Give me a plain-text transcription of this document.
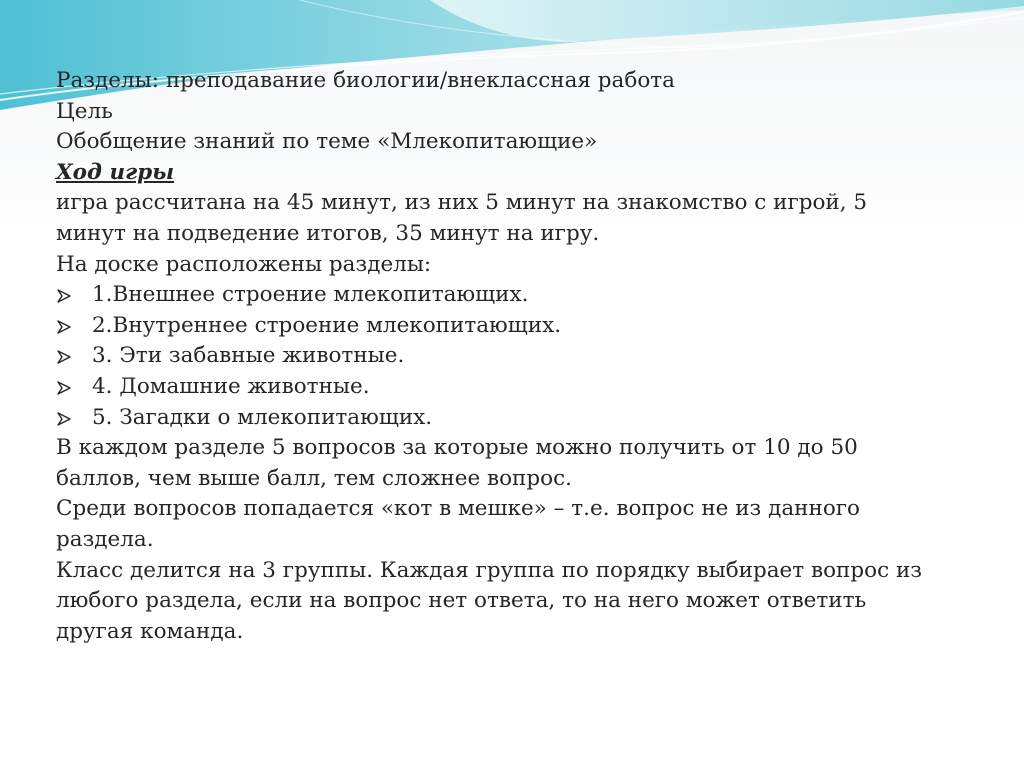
Разделы: преподавание биологии/внеклассная работа
Цель
Обобщение знаний по теме «Млекопитающие»
Ход игры
игра рассчитана на 45 минут, из них 5 минут на знакомство с игрой, 5
минут на подведение итогов, 35 минут на игру.
На доске расположены разделы:
1.Внешнее строение млекопитающих.
2.Внутреннее строение млекопитающих.
3. Эти забавные животные.
4. Домашние животные.
5. Загадки о млекопитающих.
В каждом разделе 5 вопросов за которые можно получить от 10 до 50
баллов, чем выше балл, тем сложнее вопрос.
Среди вопросов попадается «кот в мешке» – т.е. вопрос не из данного
раздела.
Класс делится на 3 группы. Каждая группа по порядку выбирает вопрос из
любого раздела, если на вопрос нет ответа, то на него может ответить
другая команда.
